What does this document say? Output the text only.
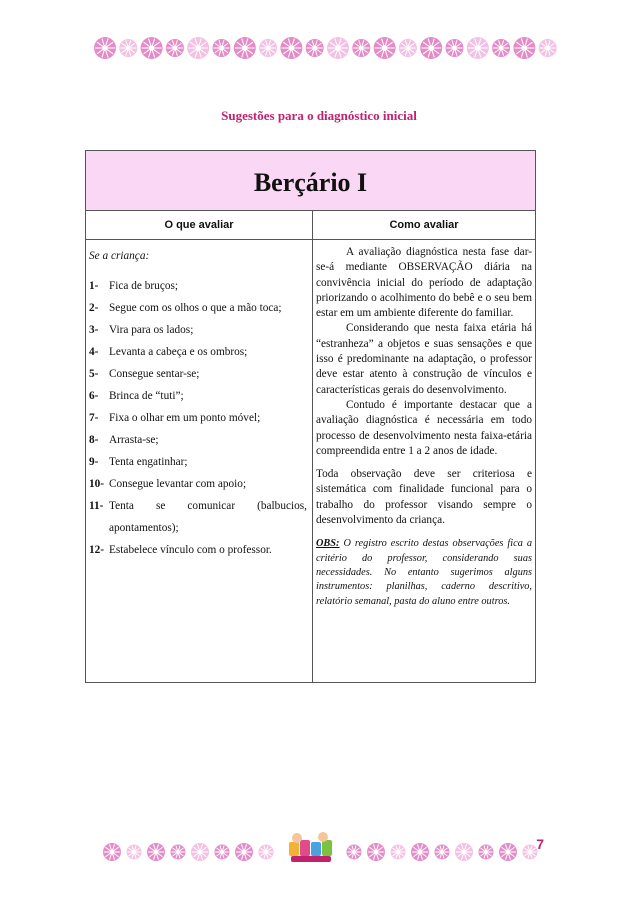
Sugestões para o diagnóstico inicial
Berçário I
O que avaliar	Como avaliar
Se a criança:
1- Fica de bruços;
2- Segue com os olhos o que a mão toca;
3- Vira para os lados;
4- Levanta a cabeça e os ombros;
5- Consegue sentar-se;
6- Brinca de “tuti”;
7- Fixa o olhar em um ponto móvel;
8- Arrasta-se;
9- Tenta engatinhar;
10- Consegue levantar com apoio;
11- Tenta se comunicar (balbucios, apontamentos);
12- Estabelece vínculo com o professor.

A avaliação diagnóstica nesta fase dar-se-á mediante OBSERVAÇÃO diária na convivência inicial do período de adaptação priorizando o acolhimento do bebê e o seu bem estar em um ambiente diferente do familiar.

Considerando que nesta faixa etária há “estranheza” a objetos e suas sensações e que isso é predominante na adaptação, o professor deve estar atento à construção de vínculos e características gerais do desenvolvimento.

Contudo é importante destacar que a avaliação diagnóstica é necessária em todo processo de desenvolvimento nesta faixa-etária compreendida entre 1 a 2 anos de idade.

Toda observação deve ser criteriosa e sistemática com finalidade funcional para o trabalho do professor visando sempre o desenvolvimento da criança.

OBS: O registro escrito destas observações fica a critério do professor, considerando suas necessidades. No entanto sugerimos alguns instrumentos: planilhas, caderno descritivo, relatório semanal, pasta do aluno entre outros.

7
